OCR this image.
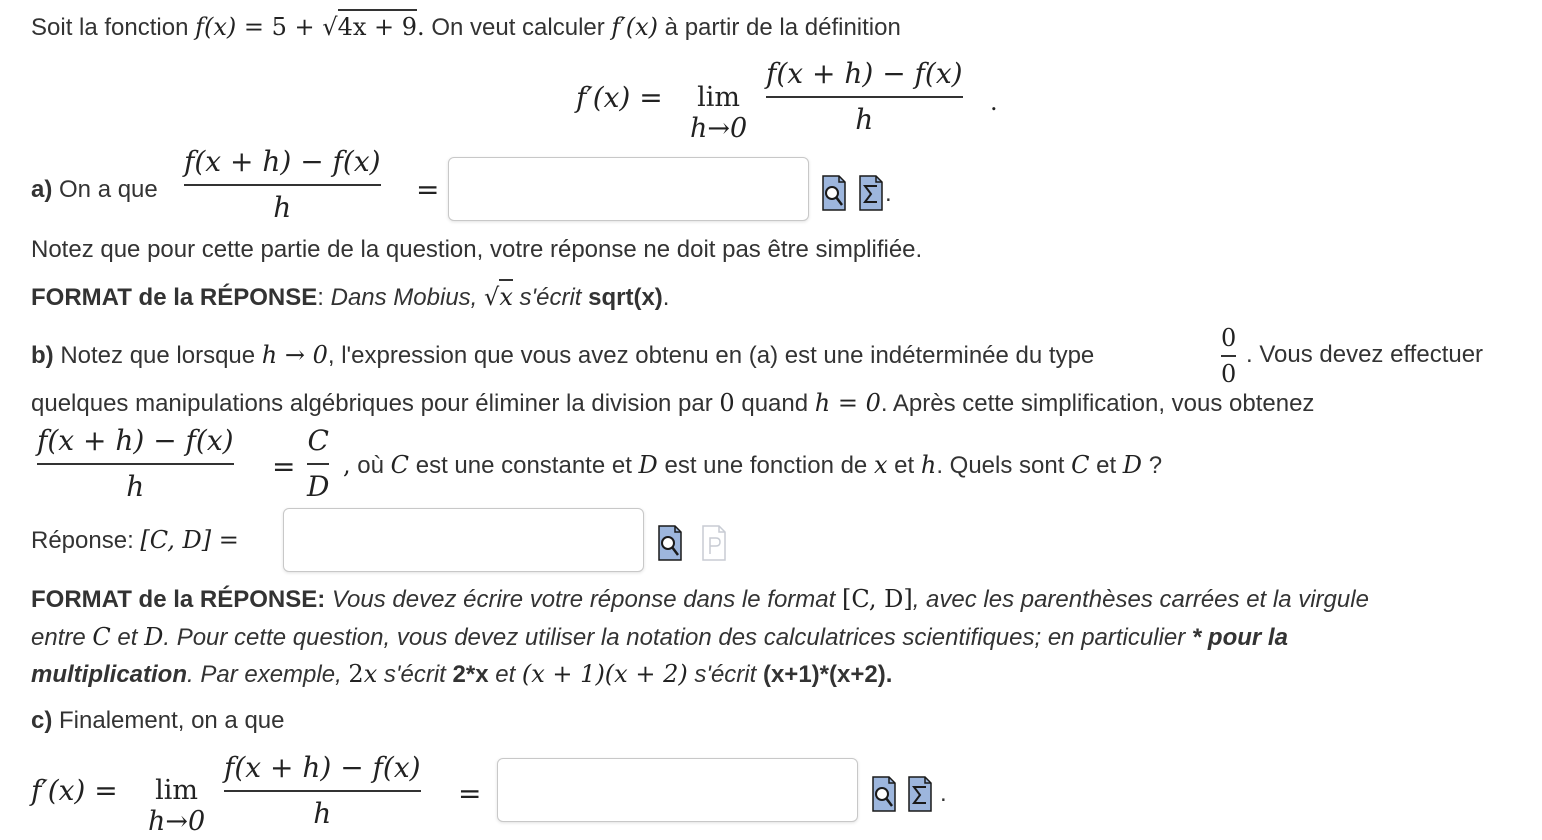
Soit la fonction f(x) = 5 + √4x + 9. On veut calculer f′(x) à partir de la définition
f′(x) = lim
h→0
f(x + h) − f(x)
h
.
a) On a que
f(x + h) − f(x)
h
=	.
Notez que pour cette partie de la question, votre réponse ne doit pas être simplifiée.
FORMAT de la RÉPONSE: Dans Mobius, √x s'écrit sqrt(x).
b) Notez que lorsque h → 0, l'expression que vous avez obtenu en (a) est une indéterminée du type
0
0
. Vous devez effectuer
quelques manipulations algébriques pour éliminer la division par 0 quand h = 0. Après cette simplification, vous obtenez
f(x + h) − f(x)
h
=
C
D
, où C est une constante et D est une fonction de x et h. Quels sont C et D ?
Réponse: [C, D] =
FORMAT de la RÉPONSE: Vous devez écrire votre réponse dans le format [C, D], avec les parenthèses carrées et la virgule
entre C et D. Pour cette question, vous devez utiliser la notation des calculatrices scientifiques; en particulier * pour la
multiplication. Par exemple, 2x s'écrit 2*x et (x + 1)(x + 2) s'écrit (x+1)*(x+2).
c) Finalement, on a que
f′(x) = lim
h→0
f(x + h) − f(x)
h
=	.
